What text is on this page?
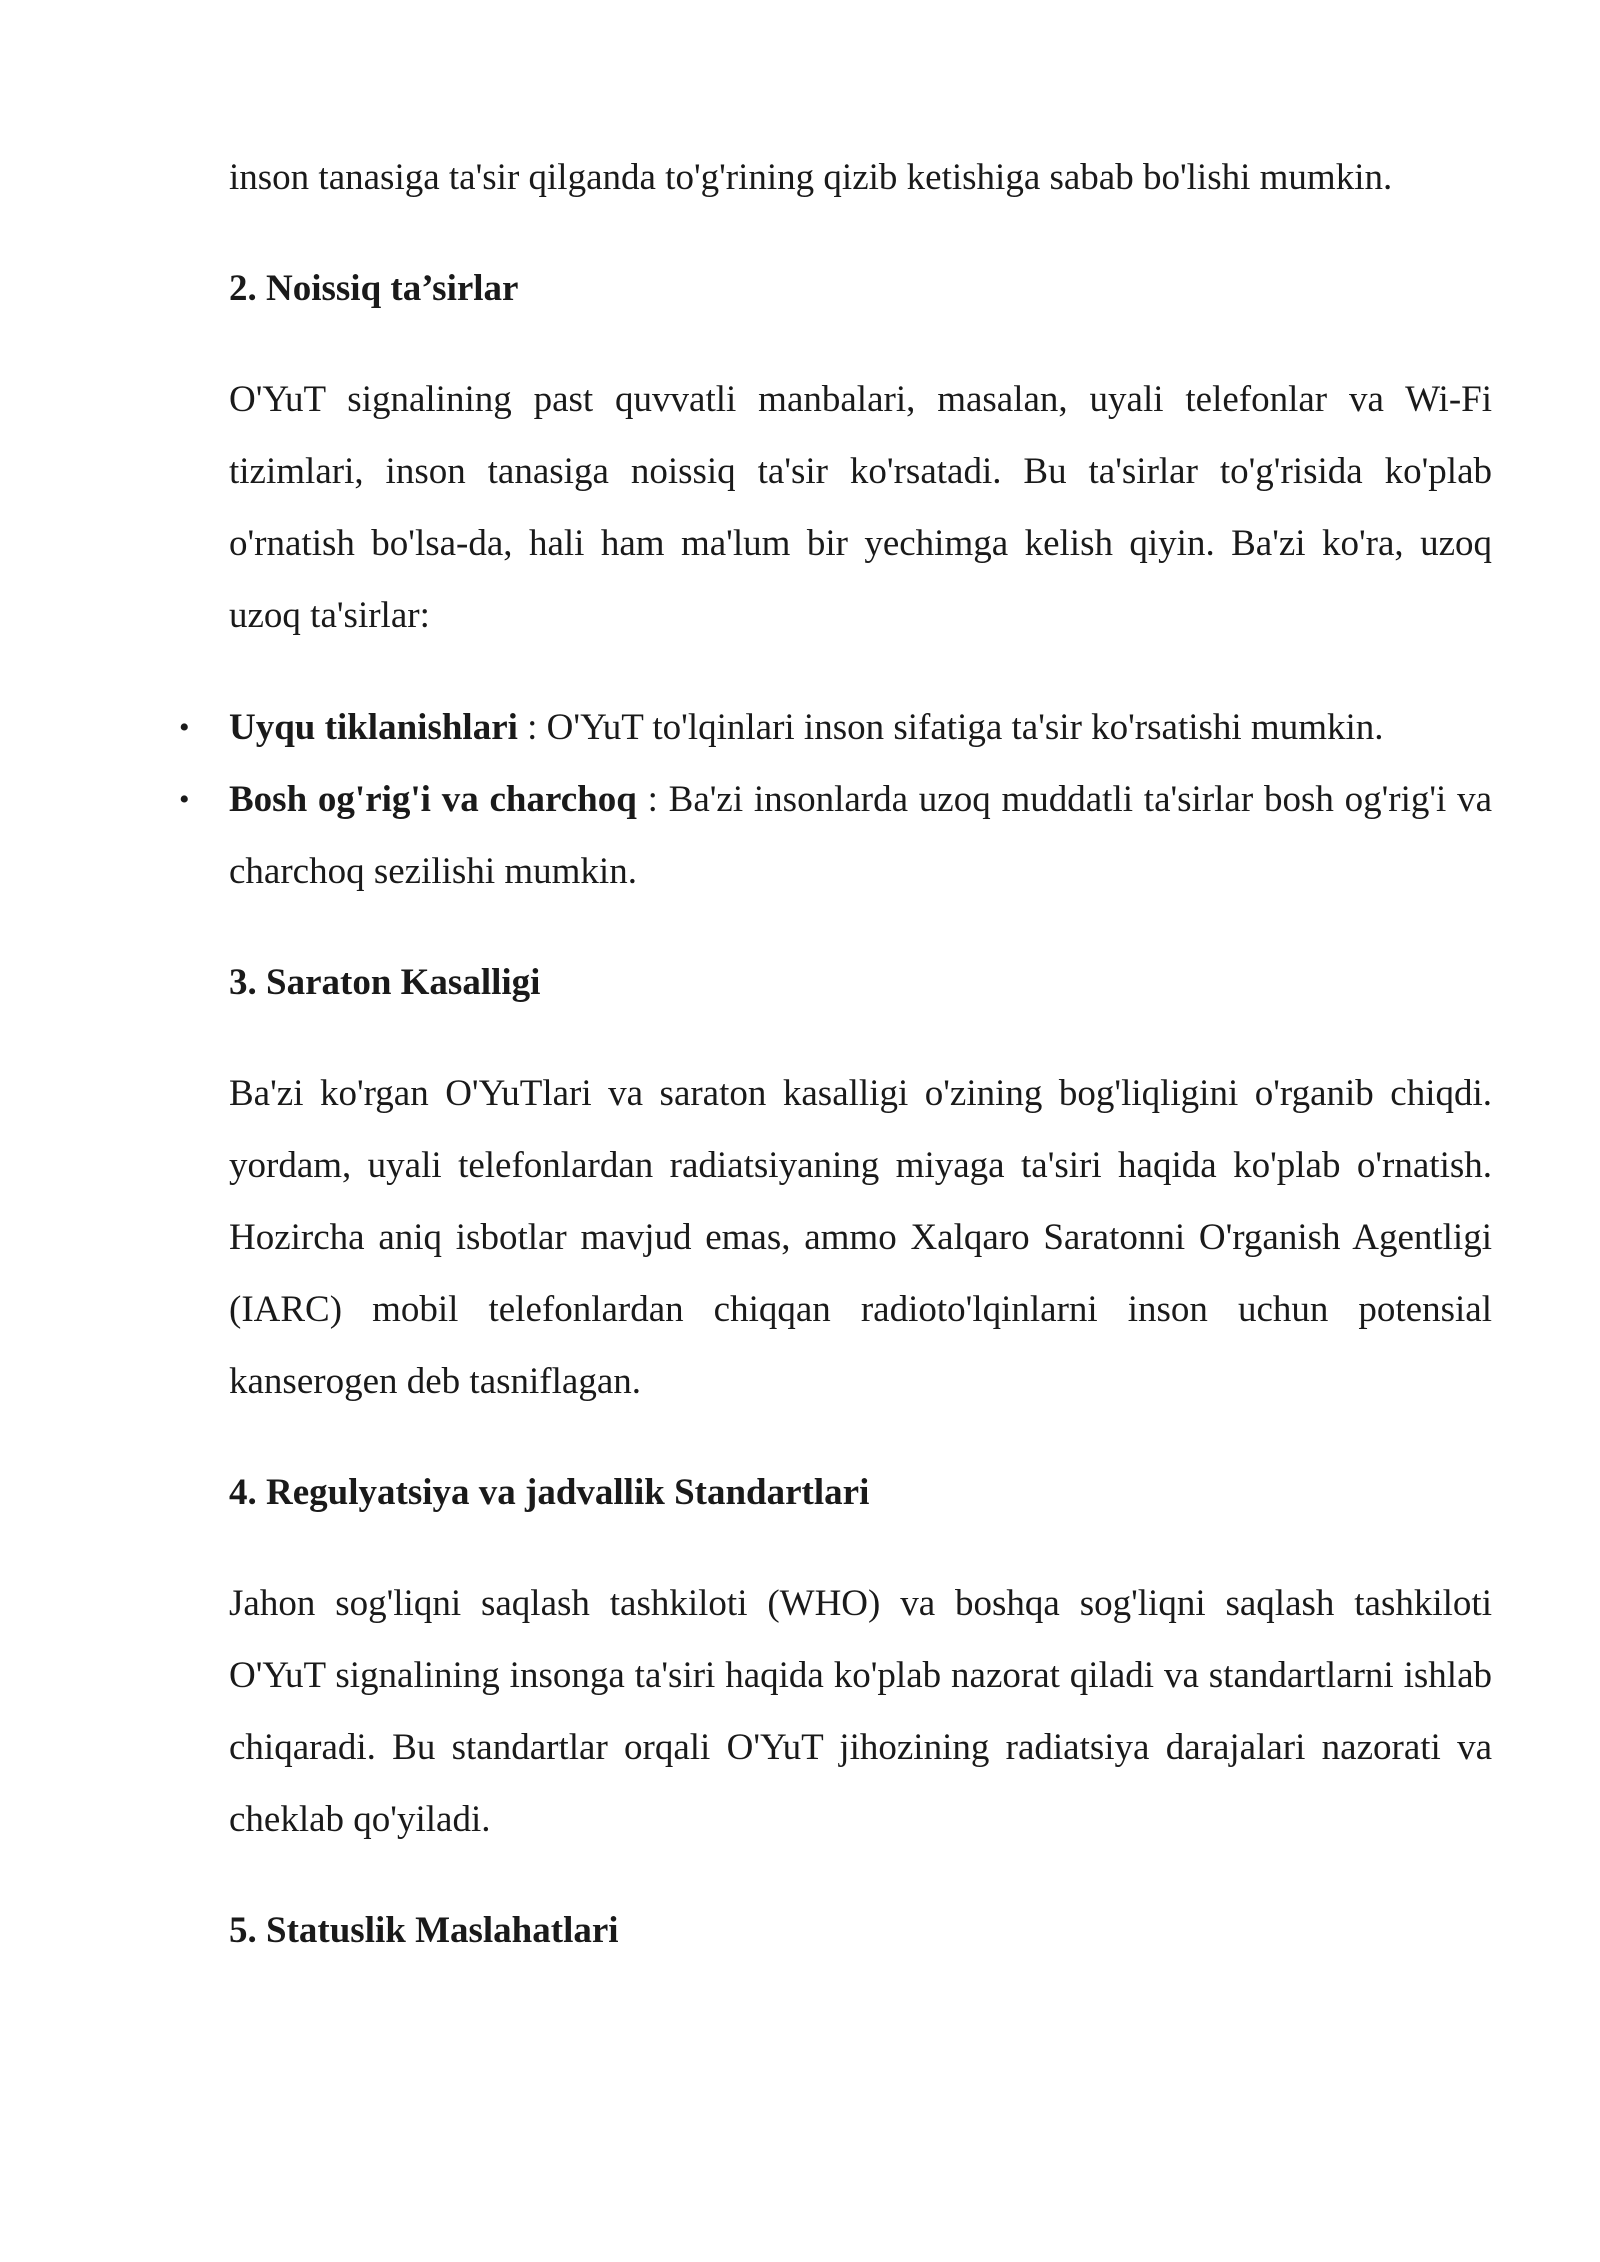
inson tanasiga ta'sir qilganda to'g'rining qizib ketishiga sabab bo'lishi mumkin.

2. Noissiq ta’sirlar

O'YuT signalining past quvvatli manbalari, masalan, uyali telefonlar va Wi-Fi tizimlari, inson tanasiga noissiq ta'sir ko'rsatadi. Bu ta'sirlar to'g'risida ko'plab o'rnatish bo'lsa-da, hali ham ma'lum bir yechimga kelish qiyin. Ba'zi ko'ra, uzoq uzoq ta'sirlar:

• Uyqu tiklanishlari : O'YuT to'lqinlari inson sifatiga ta'sir ko'rsatishi mumkin.
• Bosh og'rig'i va charchoq : Ba'zi insonlarda uzoq muddatli ta'sirlar bosh og'rig'i va charchoq sezilishi mumkin.
3. Saraton Kasalligi

Ba'zi ko'rgan O'YuTlari va saraton kasalligi o'zining bog'liqligini o'rganib chiqdi. yordam, uyali telefonlardan radiatsiyaning miyaga ta'siri haqida ko'plab o'rnatish. Hozircha aniq isbotlar mavjud emas, ammo Xalqaro Saratonni O'rganish Agentligi (IARC) mobil telefonlardan chiqqan radioto'lqinlarni inson uchun potensial kanserogen deb tasniflagan.

4. Regulyatsiya va jadvallik Standartlari

Jahon sog'liqni saqlash tashkiloti (WHO) va boshqa sog'liqni saqlash tashkiloti O'YuT signalining insonga ta'siri haqida ko'plab nazorat qiladi va standartlarni ishlab chiqaradi. Bu standartlar orqali O'YuT jihozining radiatsiya darajalari nazorati va cheklab qo'yiladi.

5. Statuslik Maslahatlari
